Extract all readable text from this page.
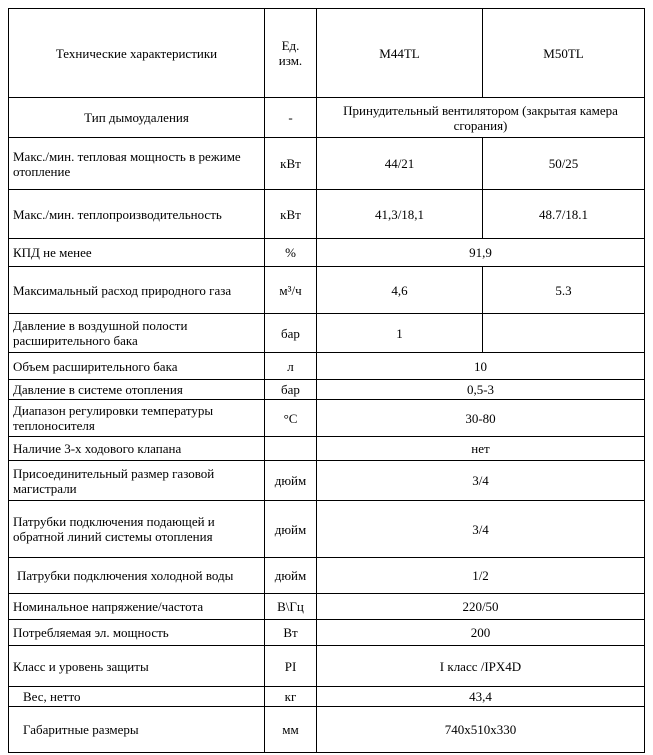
Технические характеристики	Ед. изм.	M44TL	M50TL
Тип дымоудаления	-	Принудительный вентилятором (закрытая камера сгорания)	
Макс./мин. тепловая мощность в режиме отопление	кВт	44/21	50/25
Макс./мин. теплопроизводительность	кВт	41,3/18,1	48.7/18.1
КПД не менее	%	91,9	
Максимальный расход природного газа	м³/ч	4,6	5.3
Давление в воздушной полости расширительного бака	бар	1	
Объем расширительного бака	л	10	
Давление в системе отопления	бар	0,5-3	
Диапазон регулировки температуры теплоносителя	°C	30-80	
Наличие 3-х ходового клапана		нет	
Присоединительный размер газовой магистрали	дюйм	3/4	
Патрубки подключения подающей и обратной линий системы отопления	дюйм	3/4	
Патрубки подключения холодной воды	дюйм	1/2	
Номинальное напряжение/частота	В\Гц	220/50	
Потребляемая эл. мощность	Вт	200	
Класс и уровень защиты	PI	I класс /IPX4D	
Вес, нетто	кг	43,4	
Габаритные размеры	мм	740х510х330	
